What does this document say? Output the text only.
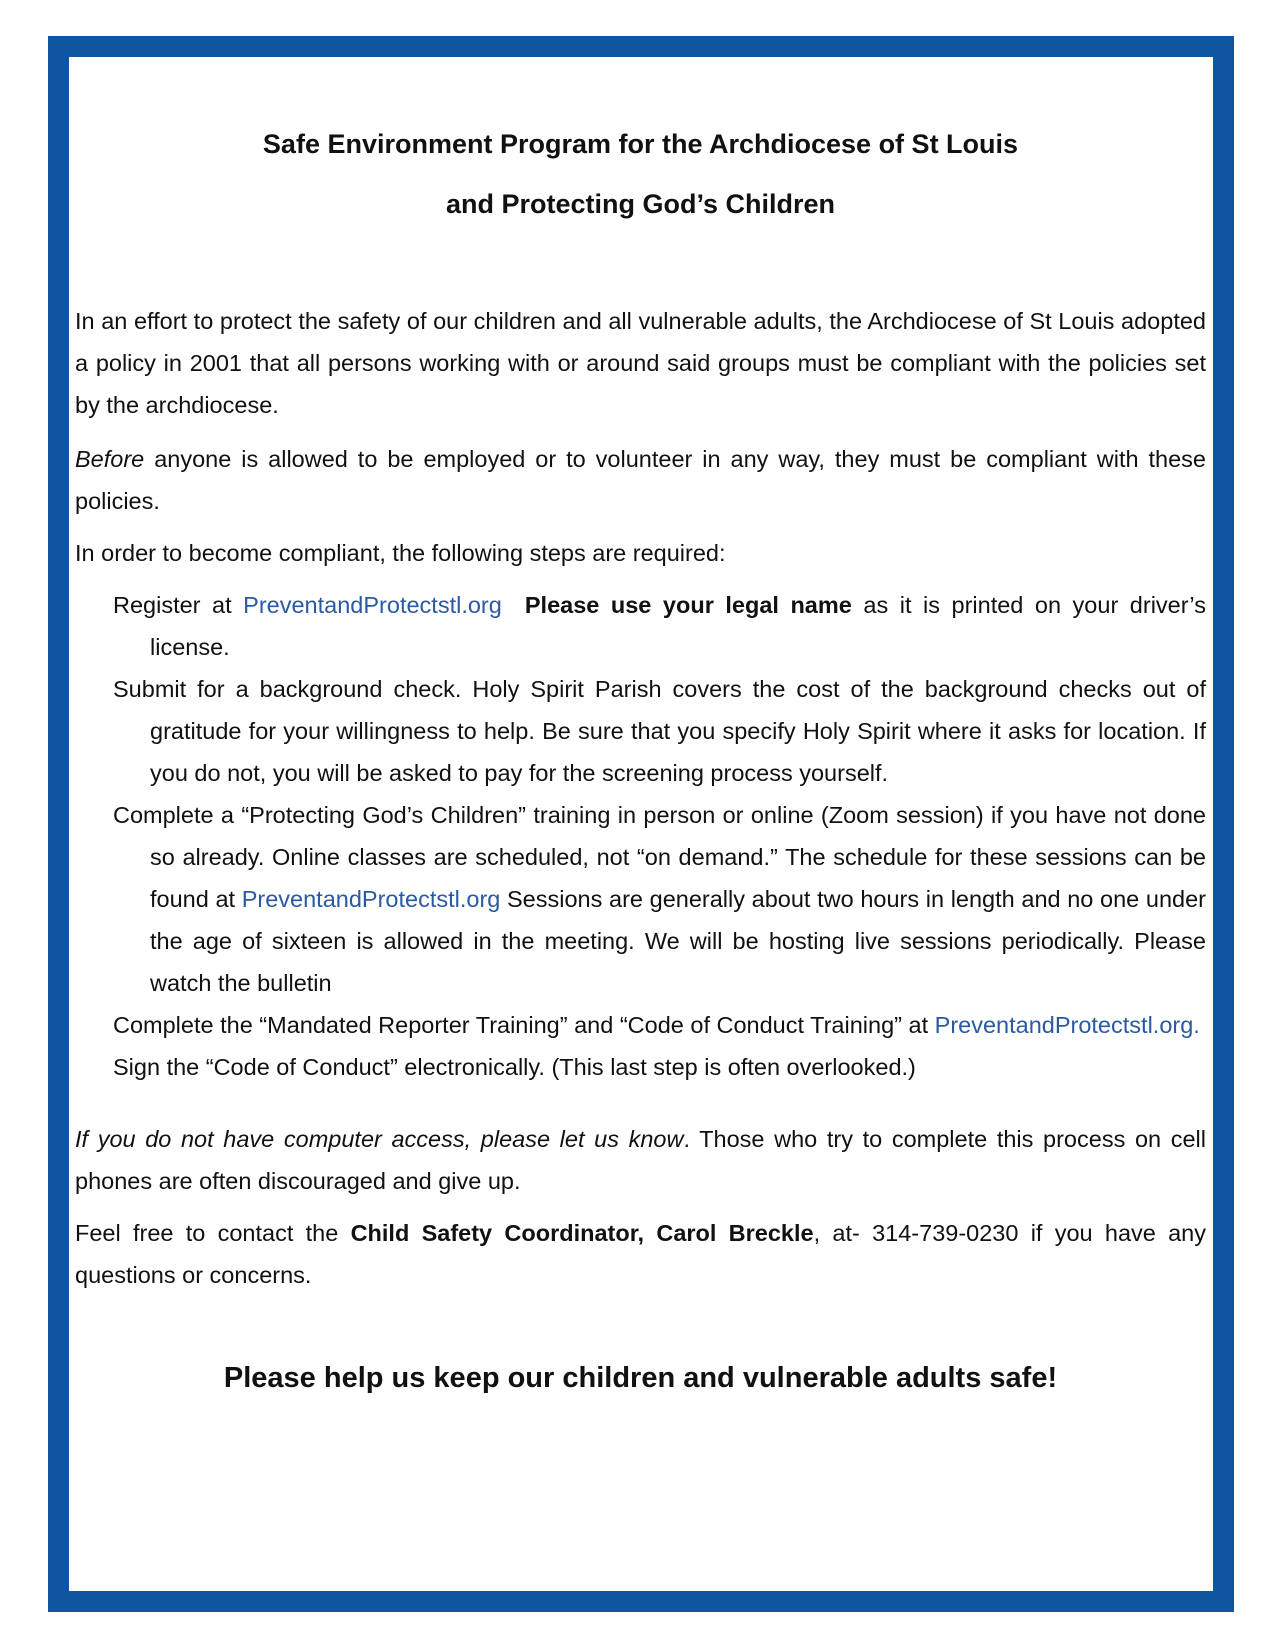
Safe Environment Program for the Archdiocese of St Louis
and Protecting God’s Children

In an effort to protect the safety of our children and all vulnerable adults, the Archdiocese of St Louis adopted a policy in 2001 that all persons working with or around said groups must be compliant with the policies set by the archdiocese.

Before anyone is allowed to be employed or to volunteer in any way, they must be compliant with these policies.

In order to become compliant, the following steps are required:

Register at PreventandProtectstl.org Please use your legal name as it is printed on your driver’s license.
Submit for a background check. Holy Spirit Parish covers the cost of the background checks out of gratitude for your willingness to help. Be sure that you specify Holy Spirit where it asks for location. If you do not, you will be asked to pay for the screening process yourself.
Complete a “Protecting God’s Children” training in person or online (Zoom session) if you have not done so already. Online classes are scheduled, not “on demand.” The schedule for these sessions can be found at PreventandProtectstl.org Sessions are generally about two hours in length and no one under the age of sixteen is allowed in the meeting. We will be hosting live sessions periodically. Please watch the bulletin
Complete the “Mandated Reporter Training” and “Code of Conduct Training” at PreventandProtectstl.org.
Sign the “Code of Conduct” electronically. (This last step is often overlooked.)

If you do not have computer access, please let us know. Those who try to complete this process on cell phones are often discouraged and give up.

Feel free to contact the Child Safety Coordinator, Carol Breckle, at- 314-739-0230 if you have any questions or concerns.

Please help us keep our children and vulnerable adults safe!
